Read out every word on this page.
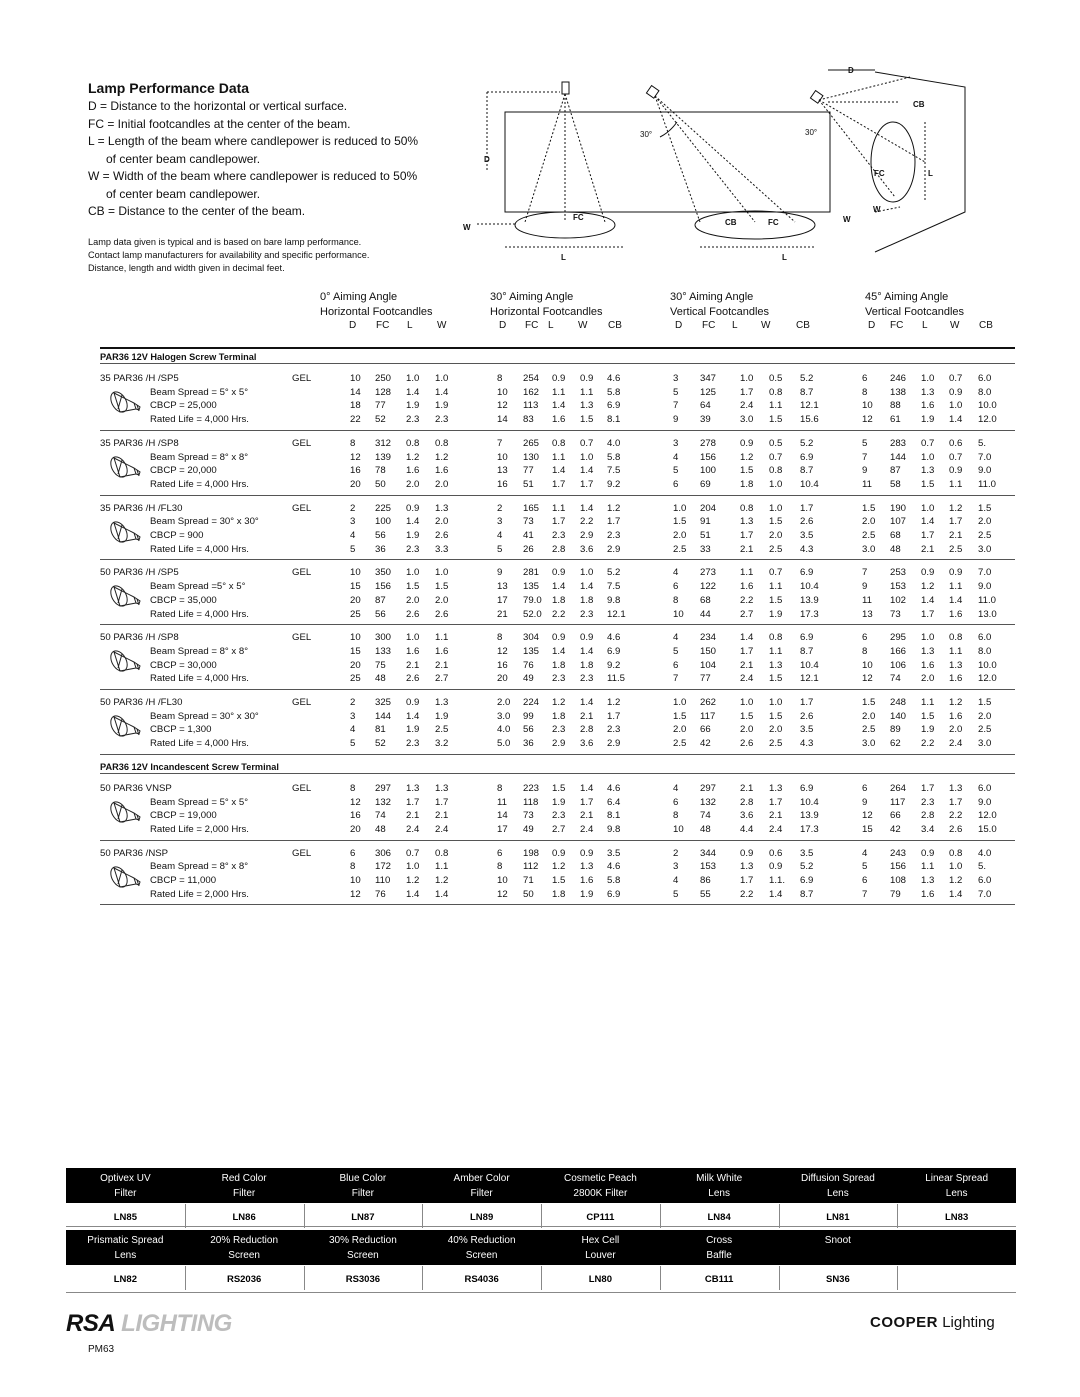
Lamp Performance Data
D = Distance to the horizontal or vertical surface.
FC = Initial footcandles at the center of the beam.
L = Length of the beam where candlepower is reduced to 50%
of center beam candlepower.
W = Width of the beam where candlepower is reduced to 50%
of center beam candlepower.
CB = Distance to the center of the beam.
Lamp data given is typical and is based on bare lamp performance.
Contact lamp manufacturers for availability and specific performance.
Distance, length and width given in decimal feet.
D
D
W
W
W
FC
FC
FC
L	L
L
CB
CB
30°	30°
0° Aiming Angle
Horizontal Footcandles
D FC L W
30° Aiming Angle
Horizontal Footcandles
D FC L W CB
30° Aiming Angle
Vertical Footcandles
D FC L W	CB
45° Aiming Angle
Vertical Footcandles
D FC L W CB
PAR36 12V Halogen Screw Terminal
35 PAR36 /H /SP5	GEL	10 250 1.0 1.0	8 254 0.9 0.9 4.6	3 347 1.0 0.5 5.2	6 246 1.0 0.7 6.0
Beam Spread = 5° x 5°	14 128 1.4 1.4	10 162 1.1 1.1 5.8	5 125 1.7 0.8 8.7	8 138 1.3 0.9 8.0
CBCP = 25,000	18 77 1.9 1.9	12 113 1.4 1.3 6.9	7 64	2.4 1.1 12.1	10 88 1.6 1.0 10.0
Rated Life = 4,000 Hrs.	22 52 2.3 2.3	14 83 1.6 1.5 8.1	9 39	3.0 1.5 15.6	12 61 1.9 1.4 12.0
35 PAR36 /H /SP8	GEL	8 312 0.8 0.8	7 265 0.8 0.7 4.0	3 278 0.9 0.5 5.2	5 283 0.7 0.6 5.
Beam Spread = 8° x 8°	12 139 1.2 1.2	10 130 1.1 1.0 5.8	4 156 1.2 0.7 6.9	7 144 1.0 0.7 7.0
CBCP = 20,000	16 78 1.6 1.6	13 77 1.4 1.4 7.5	5 100 1.5 0.8 8.7	9 87 1.3 0.9 9.0
Rated Life = 4,000 Hrs.	20 50 2.0 2.0	16 51 1.7 1.7 9.2	6 69	1.8 1.0 10.4	11 58 1.5 1.1 11.0
35 PAR36 /H /FL30	GEL	2 225 0.9 1.3	2 165 1.1 1.4 1.2	1.0 204 0.8 1.0 1.7	1.5 190 1.0 1.2 1.5
Beam Spread = 30° x 30°	3 100 1.4 2.0	3 73 1.7 2.2 1.7	1.5 91	1.3 1.5 2.6	2.0 107 1.4 1.7 2.0
CBCP = 900	4 56 1.9 2.6	4 41 2.3 2.9 2.3	2.0 51	1.7 2.0 3.5	2.5 68 1.7 2.1 2.5
Rated Life = 4,000 Hrs.	5 36 2.3 3.3	5 26 2.8 3.6 2.9	2.5 33	2.1 2.5 4.3	3.0 48 2.1 2.5 3.0
50 PAR36 /H /SP5	GEL	10 350 1.0 1.0	9 281 0.9 1.0 5.2	4 273 1.1 0.7 6.9	7 253 0.9 0.9 7.0
Beam Spread =5° x 5°	15 156 1.5 1.5	13 135 1.4 1.4 7.5	6 122 1.6 1.1 10.4	9 153 1.2 1.1 9.0
CBCP = 35,000	20 87 2.0 2.0	17 79.0 1.8 1.8 9.8	8 68	2.2 1.5 13.9	11 102 1.4 1.4 11.0
Rated Life = 4,000 Hrs.	25 56 2.6 2.6	21 52.0 2.2 2.3 12.1	10 44	2.7 1.9 17.3	13 73 1.7 1.6 13.0
50 PAR36 /H /SP8	GEL	10 300 1.0 1.1	8 304 0.9 0.9 4.6	4 234 1.4 0.8 6.9	6 295 1.0 0.8 6.0
Beam Spread = 8° x 8°	15 133 1.6 1.6	12 135 1.4 1.4 6.9	5 150 1.7 1.1 8.7	8 166 1.3 1.1 8.0
CBCP = 30,000	20 75 2.1 2.1	16 76 1.8 1.8 9.2	6 104 2.1 1.3 10.4	10 106 1.6 1.3 10.0
Rated Life = 4,000 Hrs.	25 48 2.6 2.7	20 49 2.3 2.3 11.5	7 77	2.4 1.5 12.1	12 74 2.0 1.6 12.0
50 PAR36 /H /FL30	GEL	2 325 0.9 1.3	2.0 224 1.2 1.4 1.2	1.0 262 1.0 1.0 1.7	1.5 248 1.1 1.2 1.5
Beam Spread = 30° x 30°	3 144 1.4 1.9	3.0 99 1.8 2.1 1.7	1.5 117	1.5 1.5 2.6	2.0 140 1.5 1.6 2.0
CBCP = 1,300	4 81 1.9 2.5	4.0 56 2.3 2.8 2.3	2.0 66	2.0 2.0 3.5	2.5 89 1.9 2.0 2.5
Rated Life = 4,000 Hrs.	5 52 2.3 3.2	5.0 36 2.9 3.6 2.9	2.5 42	2.6 2.5 4.3	3.0 62 2.2 2.4 3.0
PAR36 12V Incandescent Screw Terminal
50 PAR36 VNSP	GEL	8 297 1.3 1.3	8 223 1.5 1.4 4.6	4 297 2.1 1.3 6.9	6 264 1.7 1.3 6.0
Beam Spread = 5° x 5°	12 132 1.7 1.7	11 118 1.9 1.7 6.4	6 132 2.8 1.7 10.4	9 117 2.3 1.7 9.0
CBCP = 19,000	16 74 2.1 2.1	14 73 2.3 2.1 8.1	8 74	3.6 2.1 13.9	12 66 2.8 2.2 12.0
Rated Life = 2,000 Hrs.	20 48 2.4 2.4	17 49 2.7 2.4 9.8	10 48	4.4 2.4 17.3	15 42 3.4 2.6 15.0
50 PAR36 /NSP	GEL	6 306 0.7 0.8	6 198 0.9 0.9 3.5	2 344 0.9 0.6 3.5	4 243 0.9 0.8 4.0
Beam Spread = 8° x 8°	8 172 1.0 1.1	8 112 1.2 1.3 4.6	3 153 1.3 0.9 5.2	5 156 1.1 1.0 5.
CBCP = 11,000	10 110 1.2 1.2	10 71 1.5 1.6 5.8	4 86	1.7 1.1. 6.9	6 108 1.3 1.2 6.0
Rated Life = 2,000 Hrs.	12 76 1.4 1.4	12 50 1.8 1.9 6.9	5 55	2.2 1.4 8.7	7 79 1.6 1.4 7.0
Optivex UV
Filter
LN85
Red Color
Filter
LN86
Blue Color
Filter
LN87
Amber Color
Filter
LN89
Cosmetic Peach
2800K Filter
CP111
Milk White
Lens
LN84
Diffusion Spread
Lens
LN81
Linear Spread
Lens
LN83
Prismatic Spread
Lens
LN82
20% Reduction
Screen
RS2036
30% Reduction
Screen
RS3036
40% Reduction
Screen
RS4036
Hex Cell
Louver
LN80
Cross
Baffle
CB111
Snoot
SN36
RSA LIGHTING	COOPER Lighting
PM63
